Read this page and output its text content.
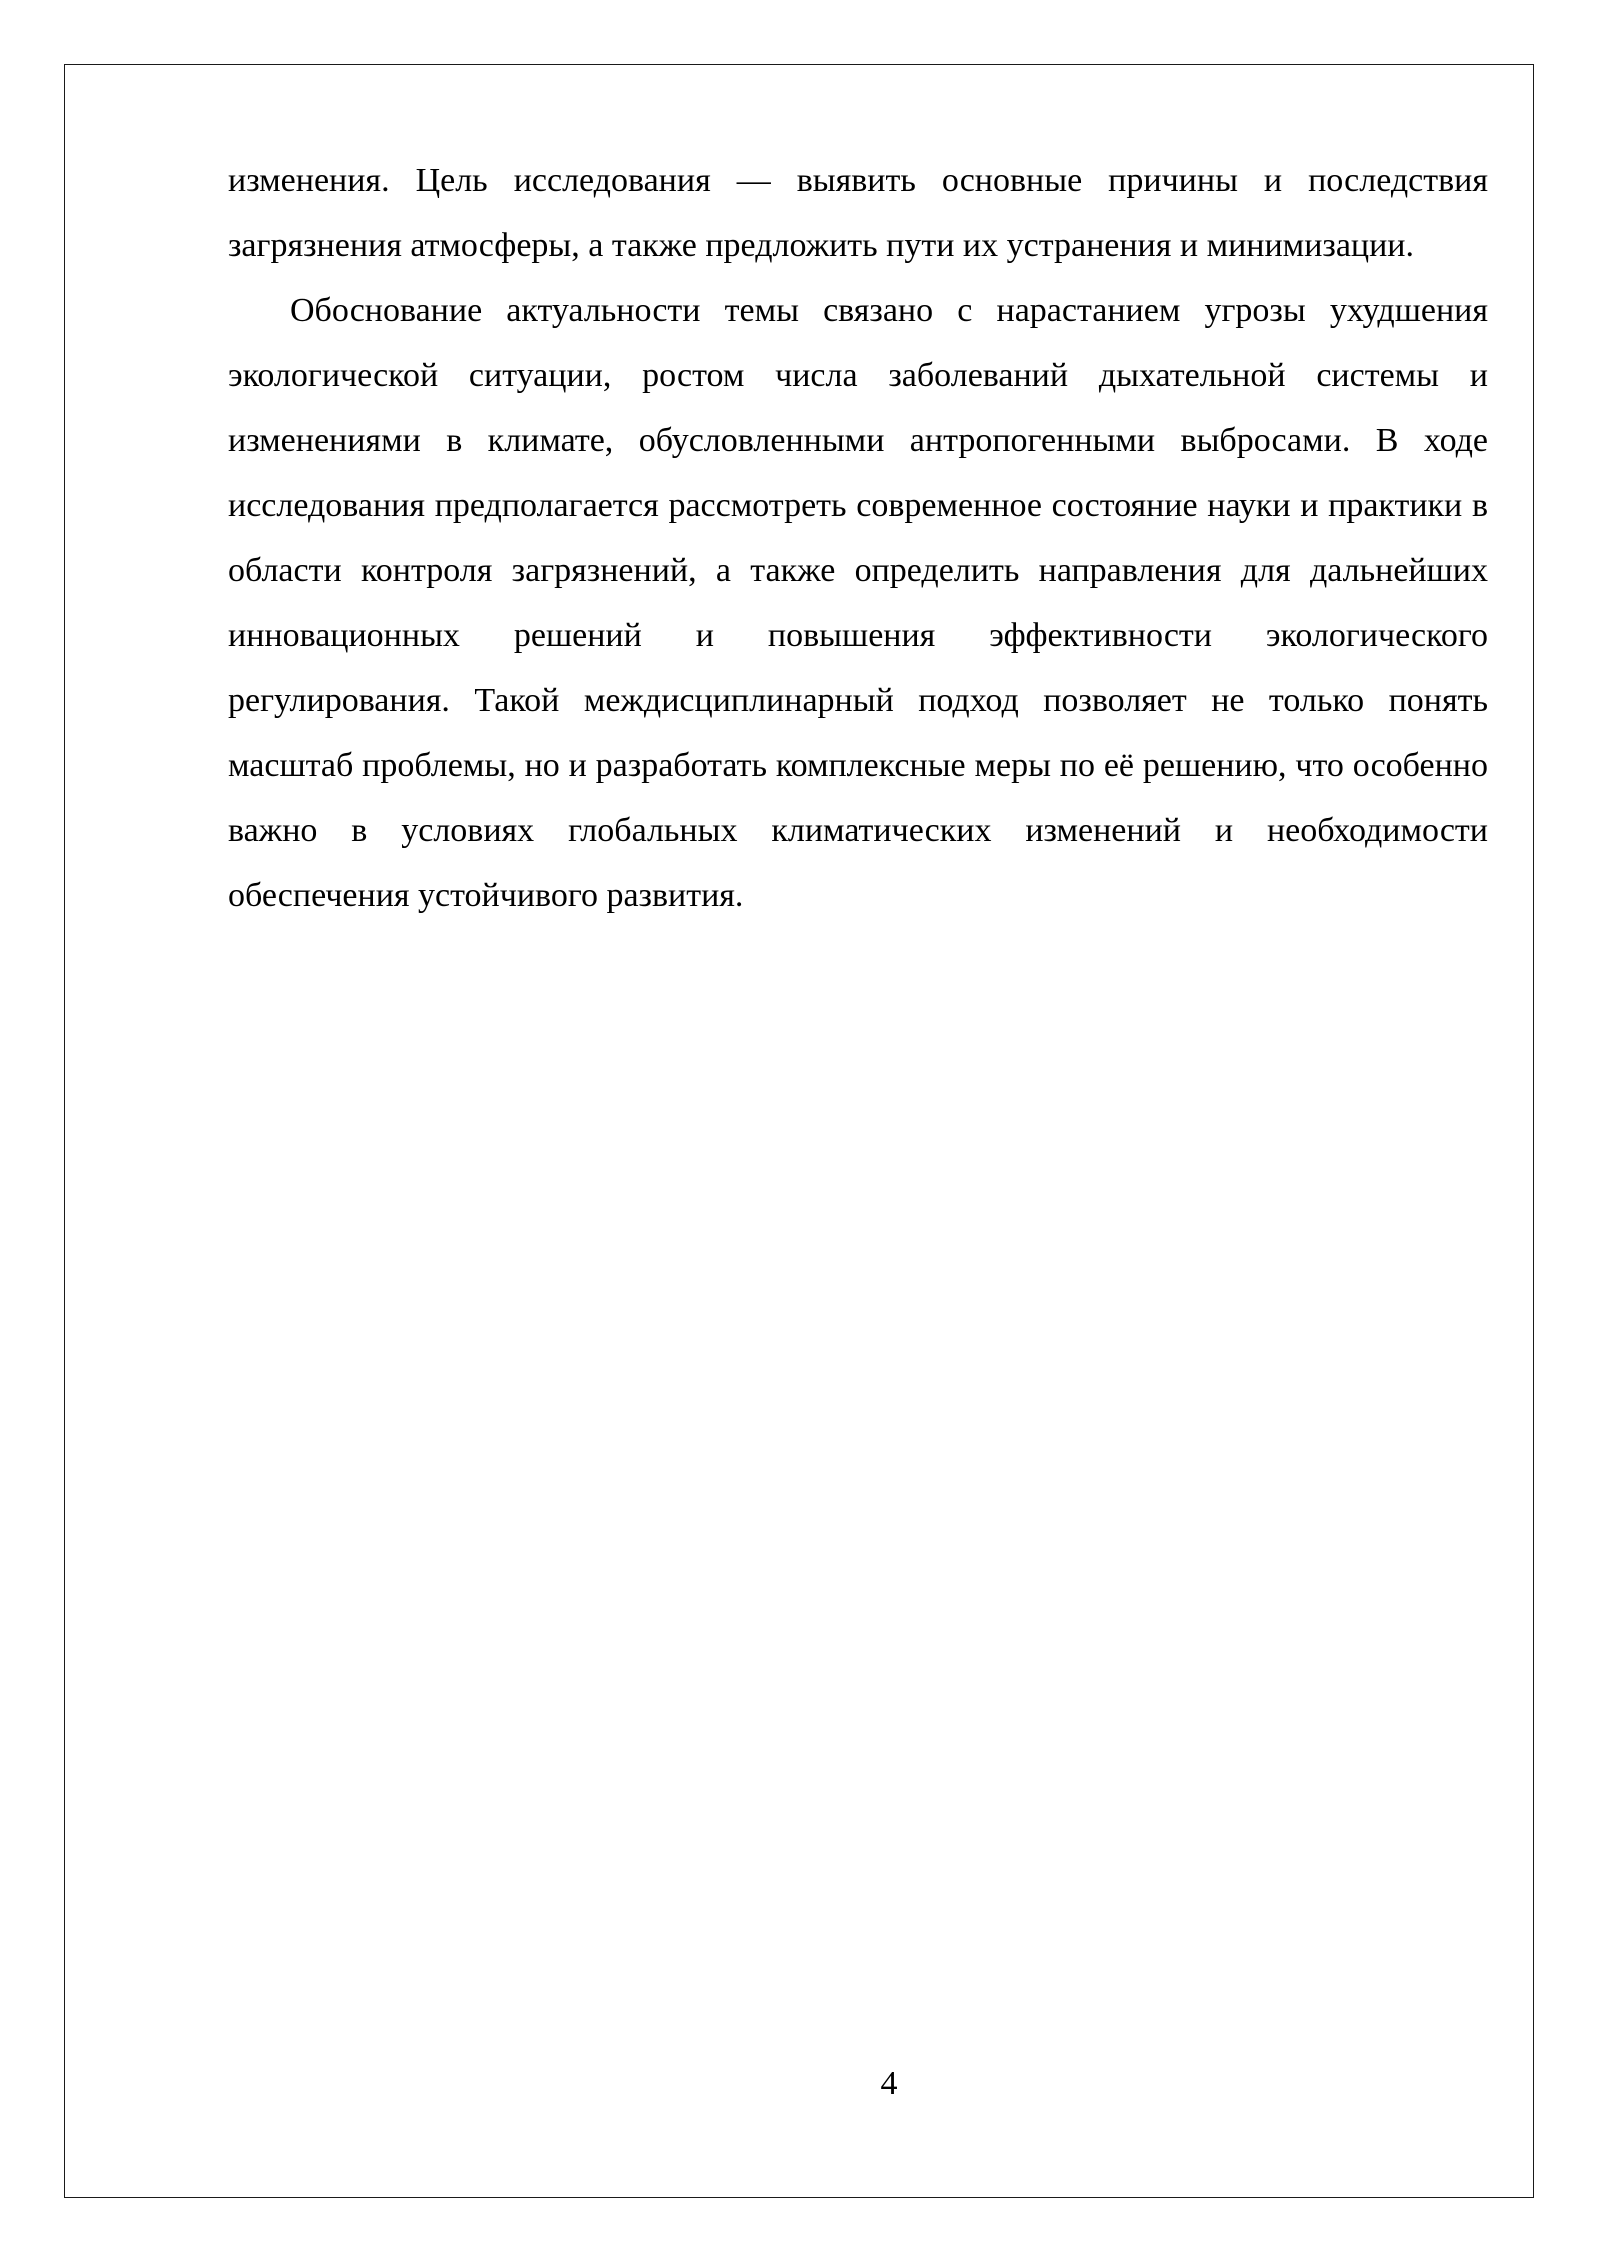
изменения. Цель исследования — выявить основные причины и последствия загрязнения атмосферы, а также предложить пути их устранения и минимизации.

Обоснование актуальности темы связано с нарастанием угрозы ухудшения экологической ситуации, ростом числа заболеваний дыхательной системы и изменениями в климате, обусловленными антропогенными выбросами. В ходе исследования предполагается рассмотреть современное состояние науки и практики в области контроля загрязнений, а также определить направления для дальнейших инновационных решений и повышения эффективности экологического регулирования. Такой междисциплинарный подход позволяет не только понять масштаб проблемы, но и разработать комплексные меры по её решению, что особенно важно в условиях глобальных климатических изменений и необходимости обеспечения устойчивого развития.

4
